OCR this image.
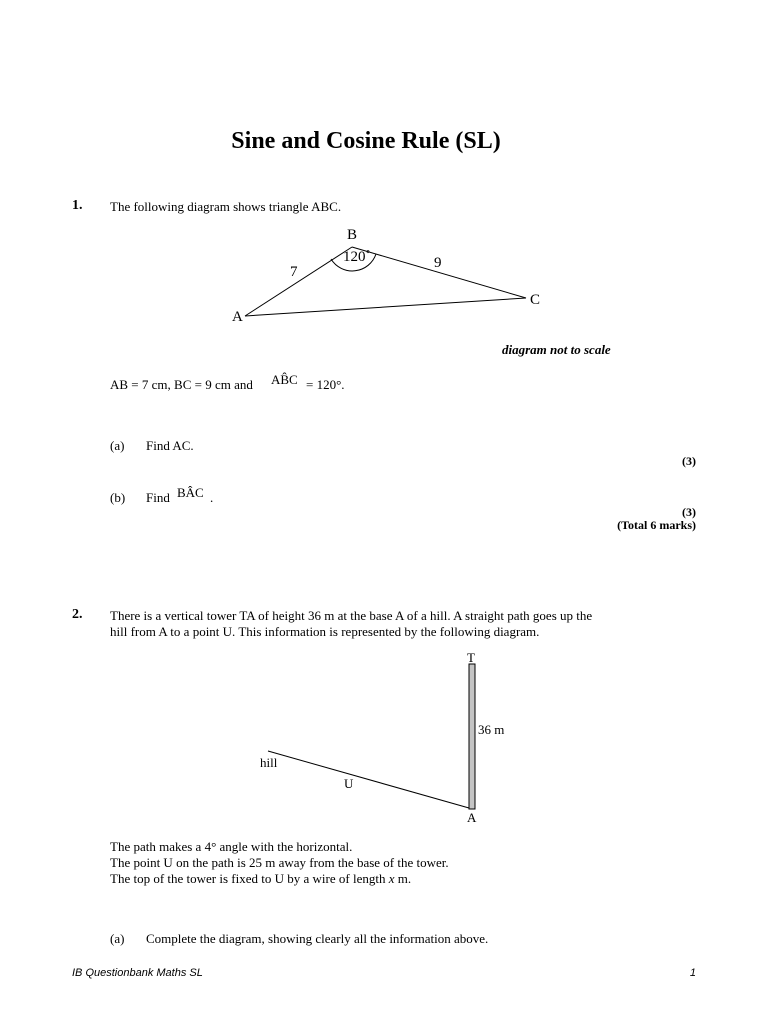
Sine and Cosine Rule (SL)
1. The following diagram shows triangle ABC.
B
A
C
7
9
120˚
diagram not to scale
AB = 7 cm, BC = 9 cm and AB̂C = 120°.
(a) Find AC.
(3)
(b) Find BÂC .
(3)
(Total 6 marks)
2. There is a vertical tower TA of height 36 m at the base A of a hill. A straight path goes up the
hill from A to a point U. This information is represented by the following diagram.
T
36 m
hill
U
A
The path makes a 4° angle with the horizontal.
The point U on the path is 25 m away from the base of the tower.
The top of the tower is fixed to U by a wire of length x m.
(a) Complete the diagram, showing clearly all the information above.
IB Questionbank Maths SL	1
